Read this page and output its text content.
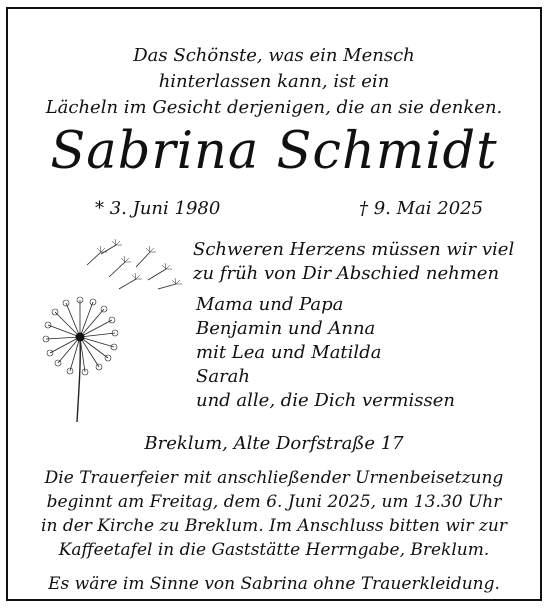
Das Schönste, was ein Mensch
hinterlassen kann, ist ein
Lächeln im Gesicht derjenigen, die an sie denken.
Sabrina Schmidt
* 3. Juni 1980	† 9. Mai 2025
Schweren Herzens müssen wir viel
zu früh von Dir Abschied nehmen
Mama und Papa
Benjamin und Anna
mit Lea und Matilda
Sarah
und alle, die Dich vermissen
Breklum, Alte Dorfstraße 17
Die Trauerfeier mit anschließender Urnenbeisetzung
beginnt am Freitag, dem 6. Juni 2025, um 13.30 Uhr
in der Kirche zu Breklum. Im Anschluss bitten wir zur
Kaffeetafel in die Gaststätte Herrngabe, Breklum.
Es wäre im Sinne von Sabrina ohne Trauerkleidung.
